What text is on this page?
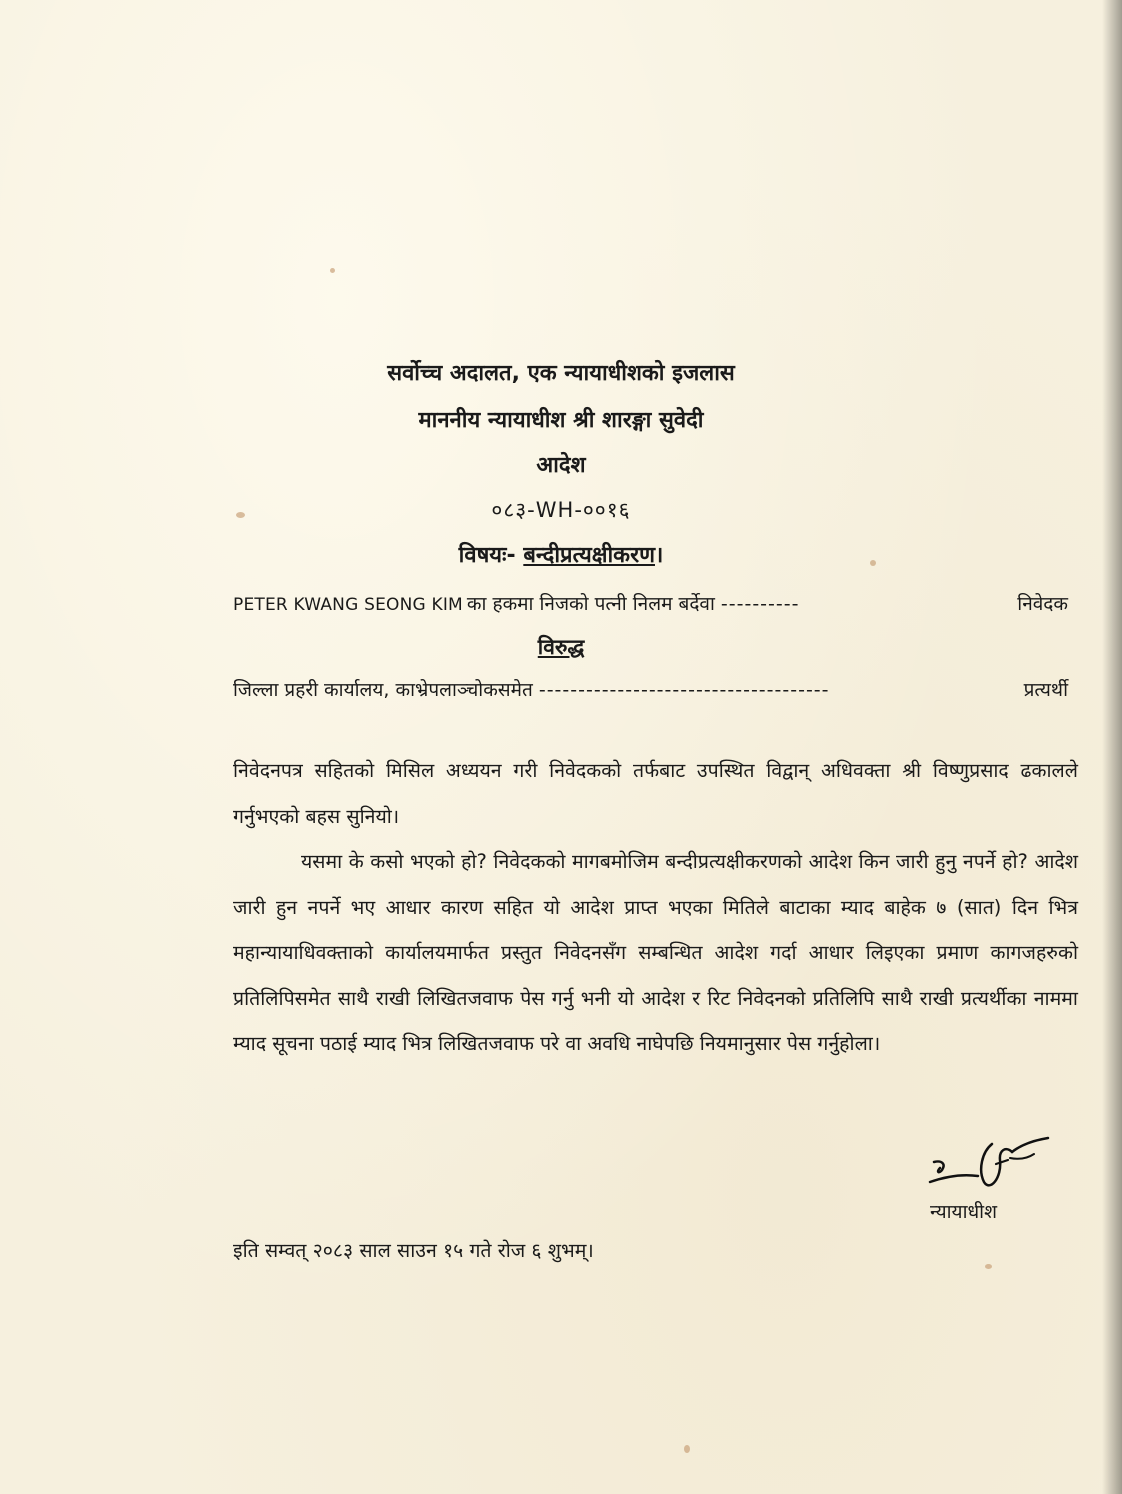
सर्वोच्च अदालत, एक न्यायाधीशको इजलास
माननीय न्यायाधीश श्री शारङ्गा सुवेदी
आदेश
०८३-WH-००१६
विषयः- बन्दीप्रत्यक्षीकरण।
PETER KWANG SEONG KIM का हकमा निजको पत्नी निलम बर्देवा ----------	निवेदक
विरुद्ध
जिल्ला प्रहरी कार्यालय, काभ्रेपलाञ्चोकसमेत -------------------------------------	प्रत्यर्थी
निवेदनपत्र सहितको मिसिल अध्ययन गरी निवेदकको तर्फबाट उपस्थित विद्वान् अधिवक्ता श्री विष्णुप्रसाद ढकालले गर्नुभएको बहस सुनियो।
यसमा के कसो भएको हो? निवेदकको मागबमोजिम बन्दीप्रत्यक्षीकरणको आदेश किन जारी हुनु नपर्ने हो? आदेश जारी हुन नपर्ने भए आधार कारण सहित यो आदेश प्राप्त भएका मितिले बाटाका म्याद बाहेक ७ (सात) दिन भित्र महान्यायाधिवक्ताको कार्यालयमार्फत प्रस्तुत निवेदनसँग सम्बन्धित आदेश गर्दा आधार लिइएका प्रमाण कागजहरुको प्रतिलिपिसमेत साथै राखी लिखितजवाफ पेस गर्नु भनी यो आदेश र रिट निवेदनको प्रतिलिपि साथै राखी प्रत्यर्थीका नाममा म्याद सूचना पठाई म्याद भित्र लिखितजवाफ परे वा अवधि नाघेपछि नियमानुसार पेस गर्नुहोला।
न्यायाधीश
इति सम्वत् २०८३ साल साउन १५ गते रोज ६ शुभम्।
